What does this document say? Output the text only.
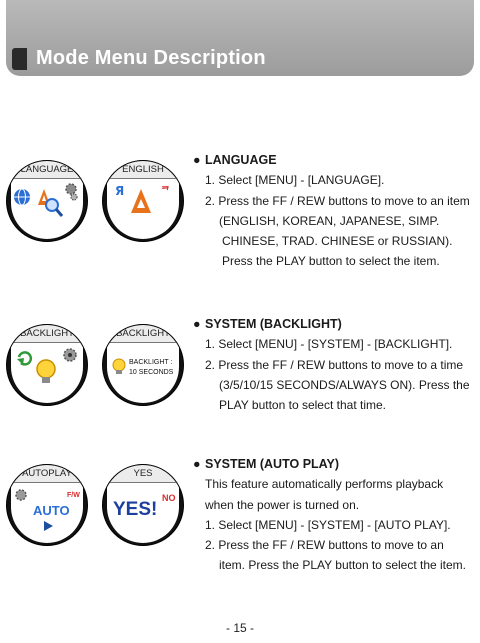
Mode Menu Description
LANGUAGE	ENGLISH
Я	ᄏ
● LANGUAGE
1. Select [MENU] - [LANGUAGE].
2. Press the FF / REW buttons to move to an item
(ENGLISH, KOREAN, JAPANESE, SIMP.
CHINESE, TRAD. CHINESE or RUSSIAN).
Press the PLAY button to select the item.
BACKLIGHT	BACKLIGHT
BACKLIGHT :
10 SECONDS
● SYSTEM (BACKLIGHT)
1. Select [MENU] - [SYSTEM] - [BACKLIGHT].
2. Press the FF / REW buttons to move to a time
(3/5/10/15 SECONDS/ALWAYS ON). Press the
PLAY button to select that time.
AUTOPLAY
F/W
AUTO
YES
YES!
NO
● SYSTEM (AUTO PLAY)
This feature automatically performs playback
when the power is turned on.
1. Select [MENU] - [SYSTEM] - [AUTO PLAY].
2. Press the FF / REW buttons to move to an
item. Press the PLAY button to select the item.
- 15 -
